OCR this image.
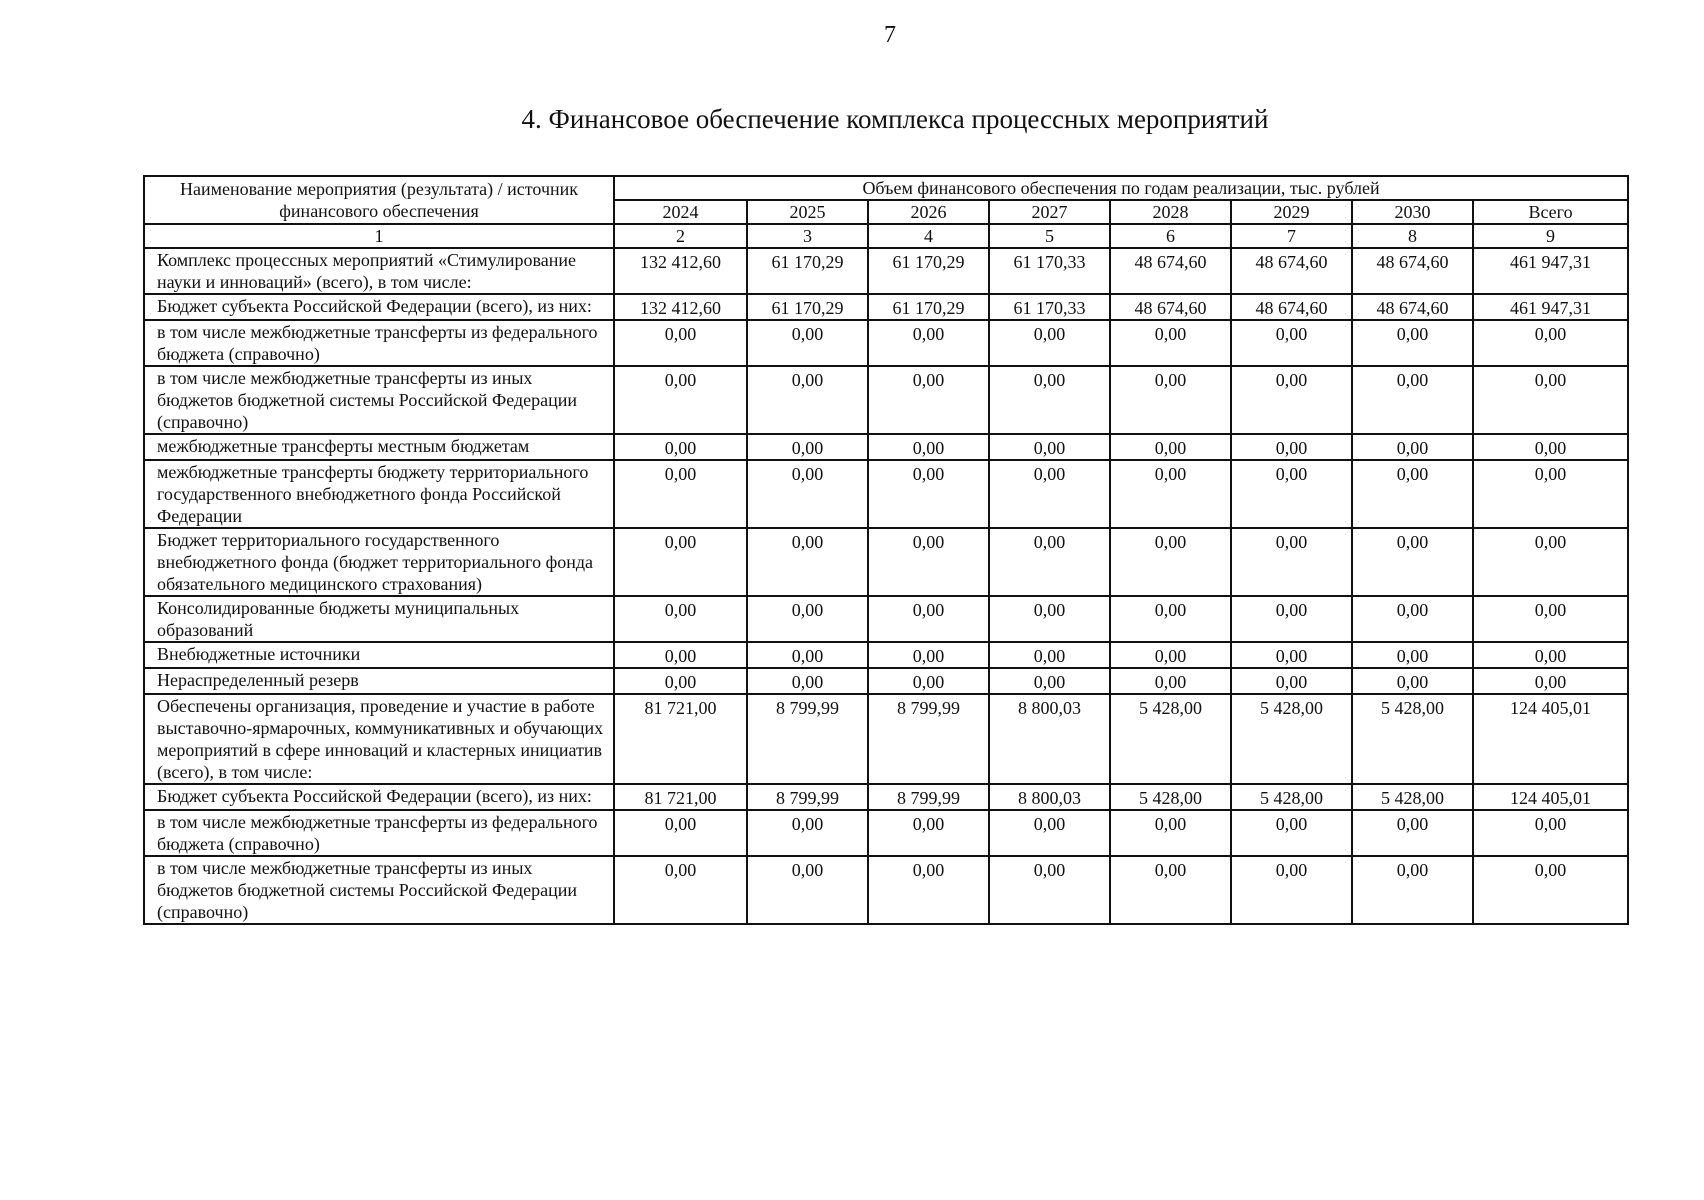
7
4. Финансовое обеспечение комплекса процессных мероприятий
Наименование мероприятия (результата) / источник финансового обеспечения	Объем финансового обеспечения по годам реализации, тыс. рублей							
	2024	2025	2026	2027	2028	2029	2030	Всего
1	2	3	4	5	6	7	8	9
Комплекс процессных мероприятий «Стимулирование науки и инноваций» (всего), в том числе:	132 412,60	61 170,29	61 170,29	61 170,33	48 674,60	48 674,60	48 674,60	461 947,31
Бюджет субъекта Российской Федерации (всего), из них:	132 412,60	61 170,29	61 170,29	61 170,33	48 674,60	48 674,60	48 674,60	461 947,31
в том числе межбюджетные трансферты из федерального бюджета (справочно)	0,00	0,00	0,00	0,00	0,00	0,00	0,00	0,00
в том числе межбюджетные трансферты из иных бюджетов бюджетной системы Российской Федерации (справочно)	0,00	0,00	0,00	0,00	0,00	0,00	0,00	0,00
межбюджетные трансферты местным бюджетам	0,00	0,00	0,00	0,00	0,00	0,00	0,00	0,00
межбюджетные трансферты бюджету территориального государственного внебюджетного фонда Российской Федерации	0,00	0,00	0,00	0,00	0,00	0,00	0,00	0,00
Бюджет территориального государственного внебюджетного фонда (бюджет территориального фонда обязательного медицинского страхования)	0,00	0,00	0,00	0,00	0,00	0,00	0,00	0,00
Консолидированные бюджеты муниципальных образований	0,00	0,00	0,00	0,00	0,00	0,00	0,00	0,00
Внебюджетные источники	0,00	0,00	0,00	0,00	0,00	0,00	0,00	0,00
Нераспределенный резерв	0,00	0,00	0,00	0,00	0,00	0,00	0,00	0,00
Обеспечены организация, проведение и участие в работе выставочно-ярмарочных, коммуникативных и обучающих мероприятий в сфере инноваций и кластерных инициатив (всего), в том числе:	81 721,00	8 799,99	8 799,99	8 800,03	5 428,00	5 428,00	5 428,00	124 405,01
Бюджет субъекта Российской Федерации (всего), из них:	81 721,00	8 799,99	8 799,99	8 800,03	5 428,00	5 428,00	5 428,00	124 405,01
в том числе межбюджетные трансферты из федерального бюджета (справочно)	0,00	0,00	0,00	0,00	0,00	0,00	0,00	0,00
в том числе межбюджетные трансферты из иных бюджетов бюджетной системы Российской Федерации (справочно)	0,00	0,00	0,00	0,00	0,00	0,00	0,00	0,00
